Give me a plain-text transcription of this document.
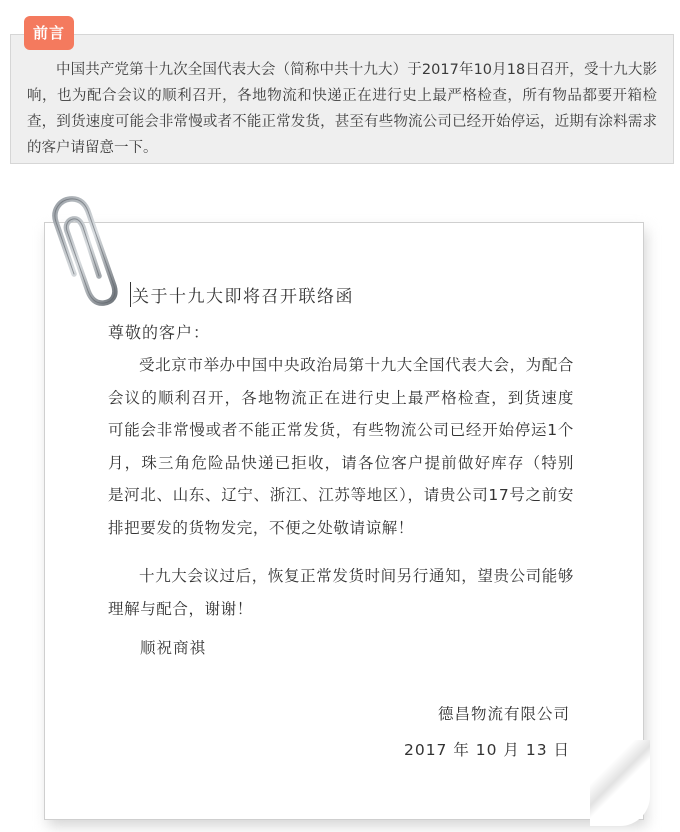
前言

中国共产党第十九次全国代表大会（简称中共十九大）于2017年10月18日召开，受十九大影响，也为配合会议的顺利召开，各地物流和快递正在进行史上最严格检查，所有物品都要开箱检查，到货速度可能会非常慢或者不能正常发货，甚至有些物流公司已经开始停运，近期有涂料需求的客户请留意一下。

关于十九大即将召开联络函
尊敬的客户：

受北京市举办中国中央政治局第十九大全国代表大会，为配合会议的顺利召开，各地物流正在进行史上最严格检查，到货速度可能会非常慢或者不能正常发货，有些物流公司已经开始停运1个月，珠三角危险品快递已拒收，请各位客户提前做好库存（特别是河北、山东、辽宁、浙江、江苏等地区），请贵公司17号之前安排把要发的货物发完，不便之处敬请谅解！

十九大会议过后，恢复正常发货时间另行通知，望贵公司能够理解与配合，谢谢！

顺祝商祺
德昌物流有限公司
2017 年 10 月 13 日
